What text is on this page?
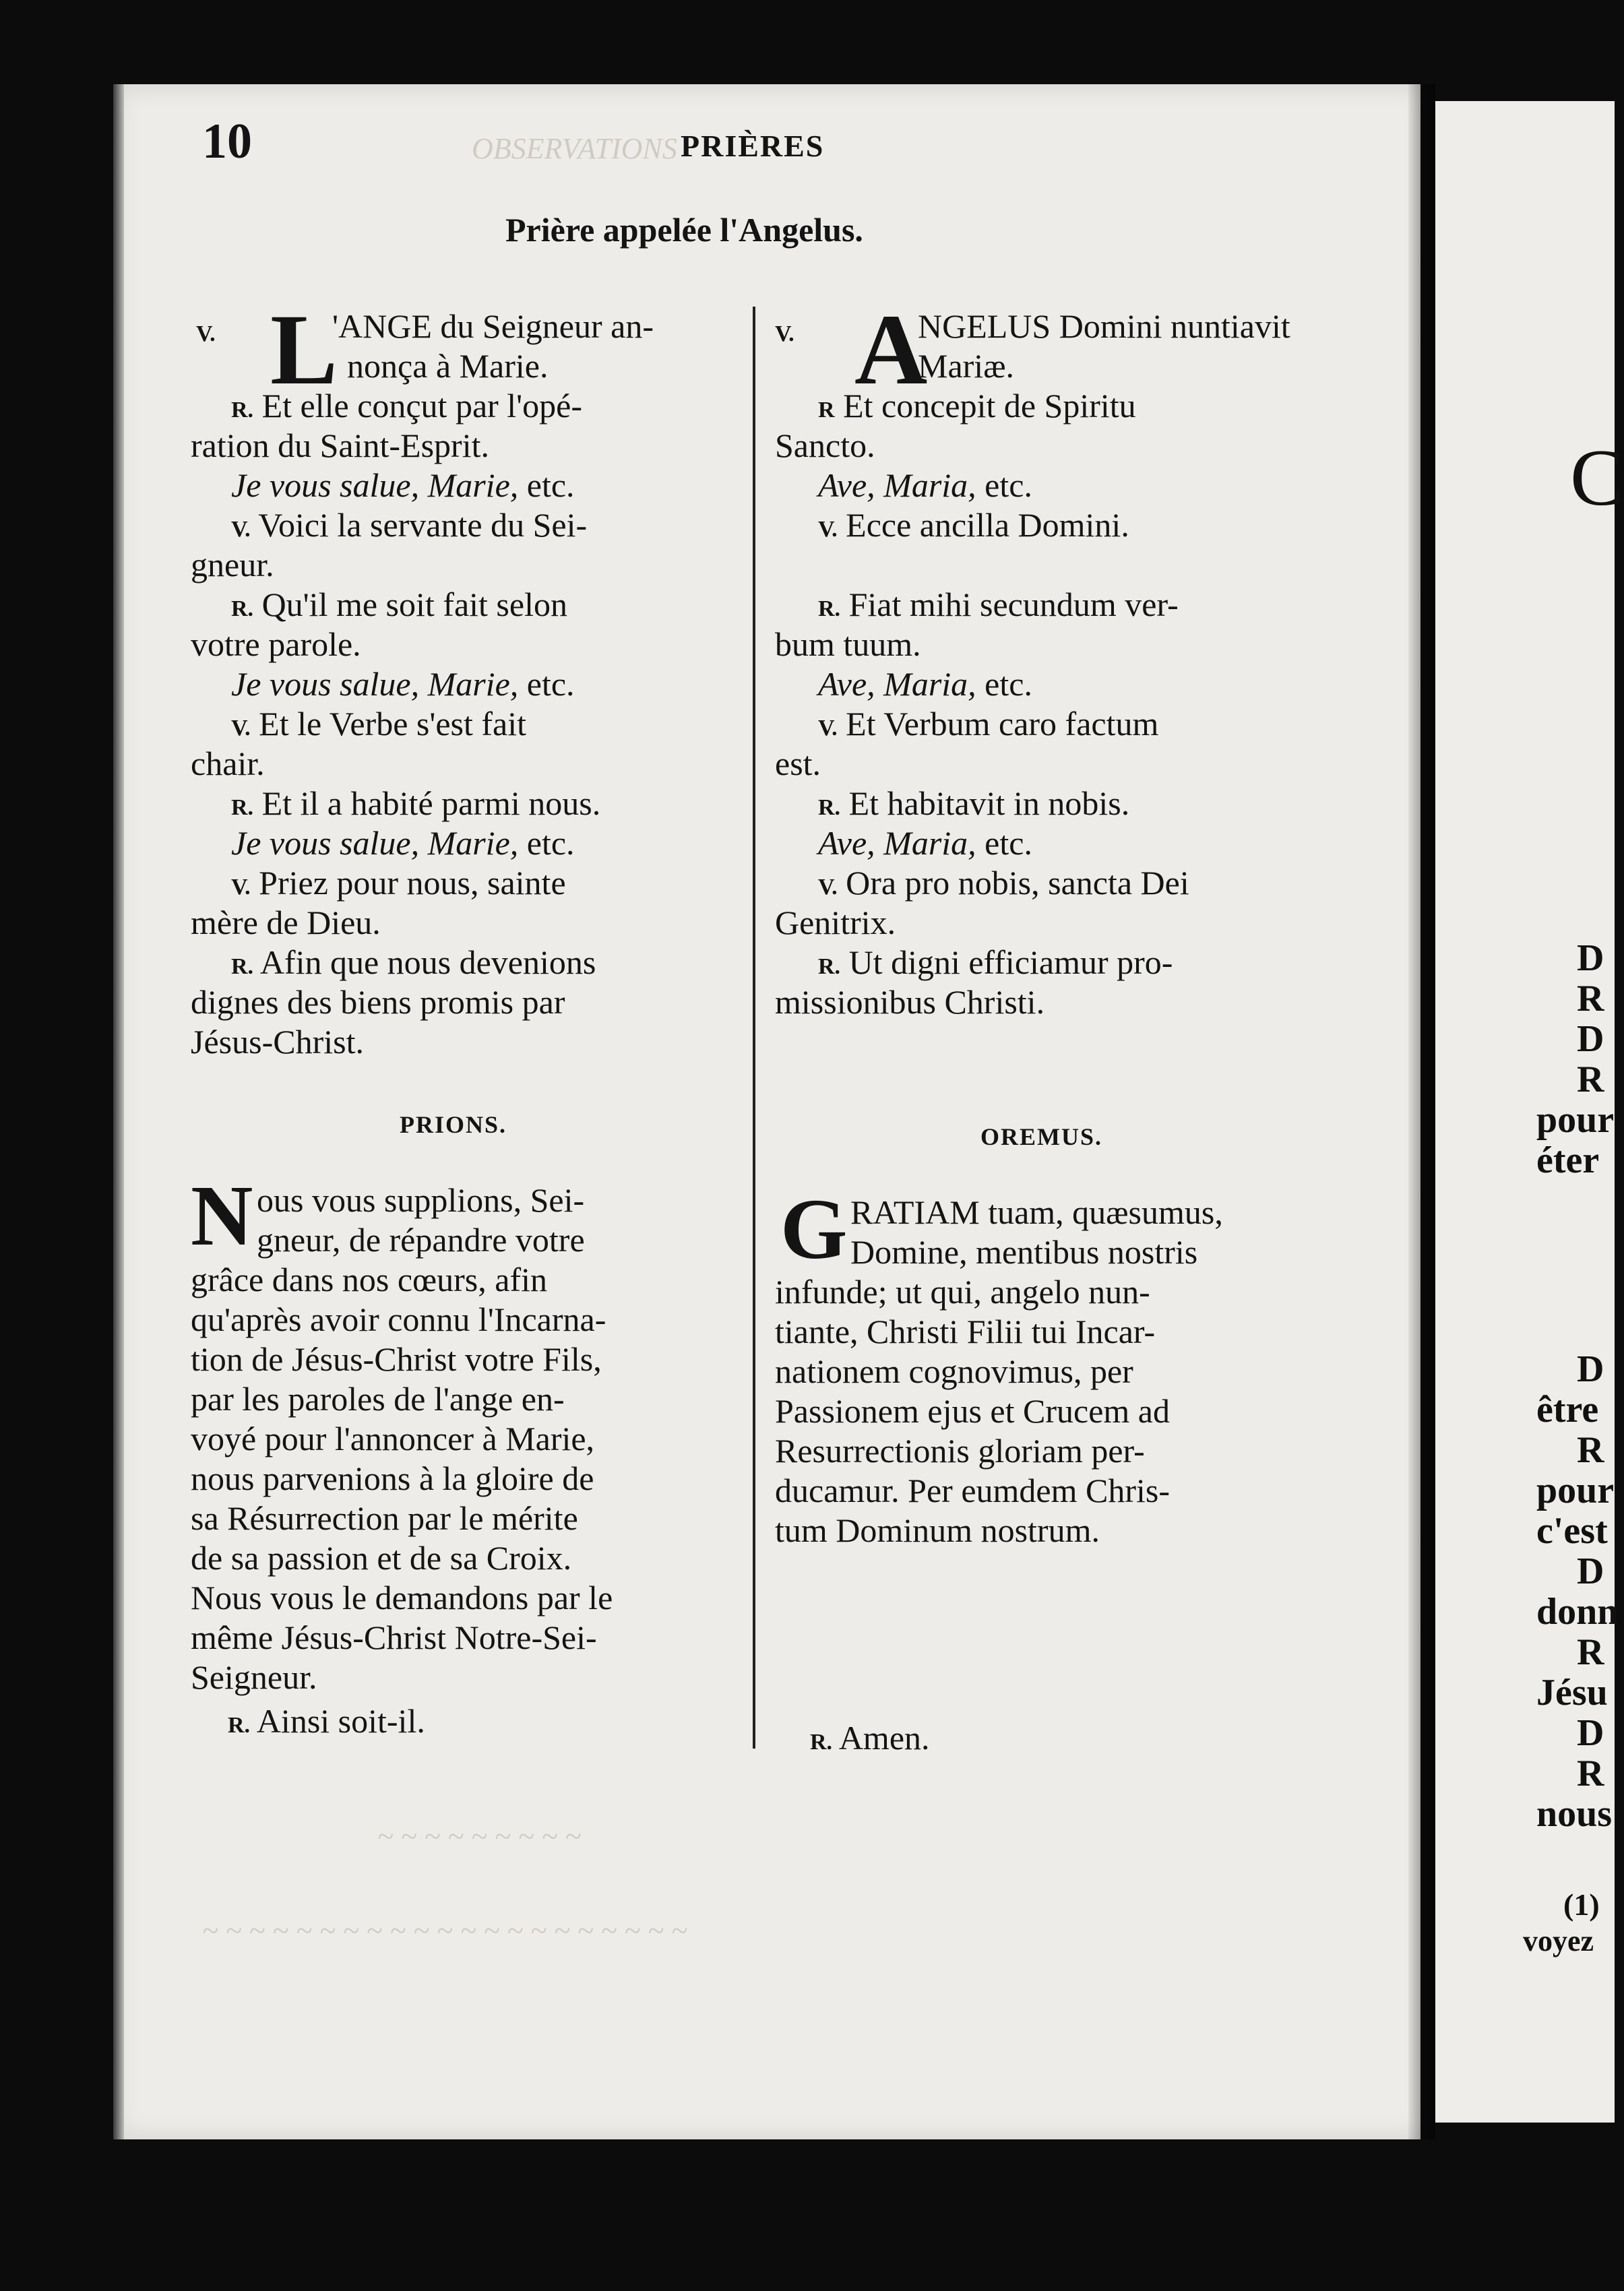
OBSERVATIONS
~ ~ ~ ~ ~ ~ ~ ~ ~
~ ~ ~ ~ ~ ~ ~ ~ ~ ~ ~ ~ ~ ~ ~ ~ ~ ~ ~ ~ ~
10	PRIÈRES
Prière appelée l'Angelus.
V. L
'ANGE du Seigneur an-
nonça à Marie.
R. Et elle conçut par l'opé-
ration du Saint-Esprit.
Je vous salue, Marie, etc.
V. Voici la servante du Sei-
gneur.
R. Qu'il me soit fait selon
votre parole.
Je vous salue, Marie, etc.
V. Et le Verbe s'est fait
chair.
R. Et il a habité parmi nous.
Je vous salue, Marie, etc.
V. Priez pour nous, sainte
mère de Dieu.
R. Afin que nous devenions
dignes des biens promis par
Jésus-Christ.
PRIONS.
N ous vous supplions, Sei-
gneur, de répandre votre
grâce dans nos cœurs, afin
qu'après avoir connu l'Incarna-
tion de Jésus-Christ votre Fils,
par les paroles de l'ange en-
voyé pour l'annoncer à Marie,
nous parvenions à la gloire de
sa Résurrection par le mérite
de sa passion et de sa Croix.
Nous vous le demandons par le
même Jésus-Christ Notre-Sei-
Seigneur.
R. Ainsi soit-il.
V. A
NGELUS Domini nuntiavit
Mariæ.
R Et concepit de Spiritu
Sancto.
Ave, Maria, etc.
V. Ecce ancilla Domini.
R. Fiat mihi secundum ver-
bum tuum.
Ave, Maria, etc.
V. Et Verbum caro factum
est.
R. Et habitavit in nobis.
Ave, Maria, etc.
V. Ora pro nobis, sancta Dei
Genitrix.
R. Ut digni efficiamur pro-
missionibus Christi.
OREMUS.
G RATIAM tuam, quæsumus,
Domine, mentibus nostris
infunde; ut qui, angelo nun-
tiante, Christi Filii tui Incar-
nationem cognovimus, per
Passionem ejus et Crucem ad
Resurrectionis gloriam per-
ducamur. Per eumdem Chris-
tum Dominum nostrum.
R. Amen.
C
D
R
D
R
pour
éter
D
être
R
pour
c'est
D
donn
R
Jésu
D
R
nous
(1)
voyez
